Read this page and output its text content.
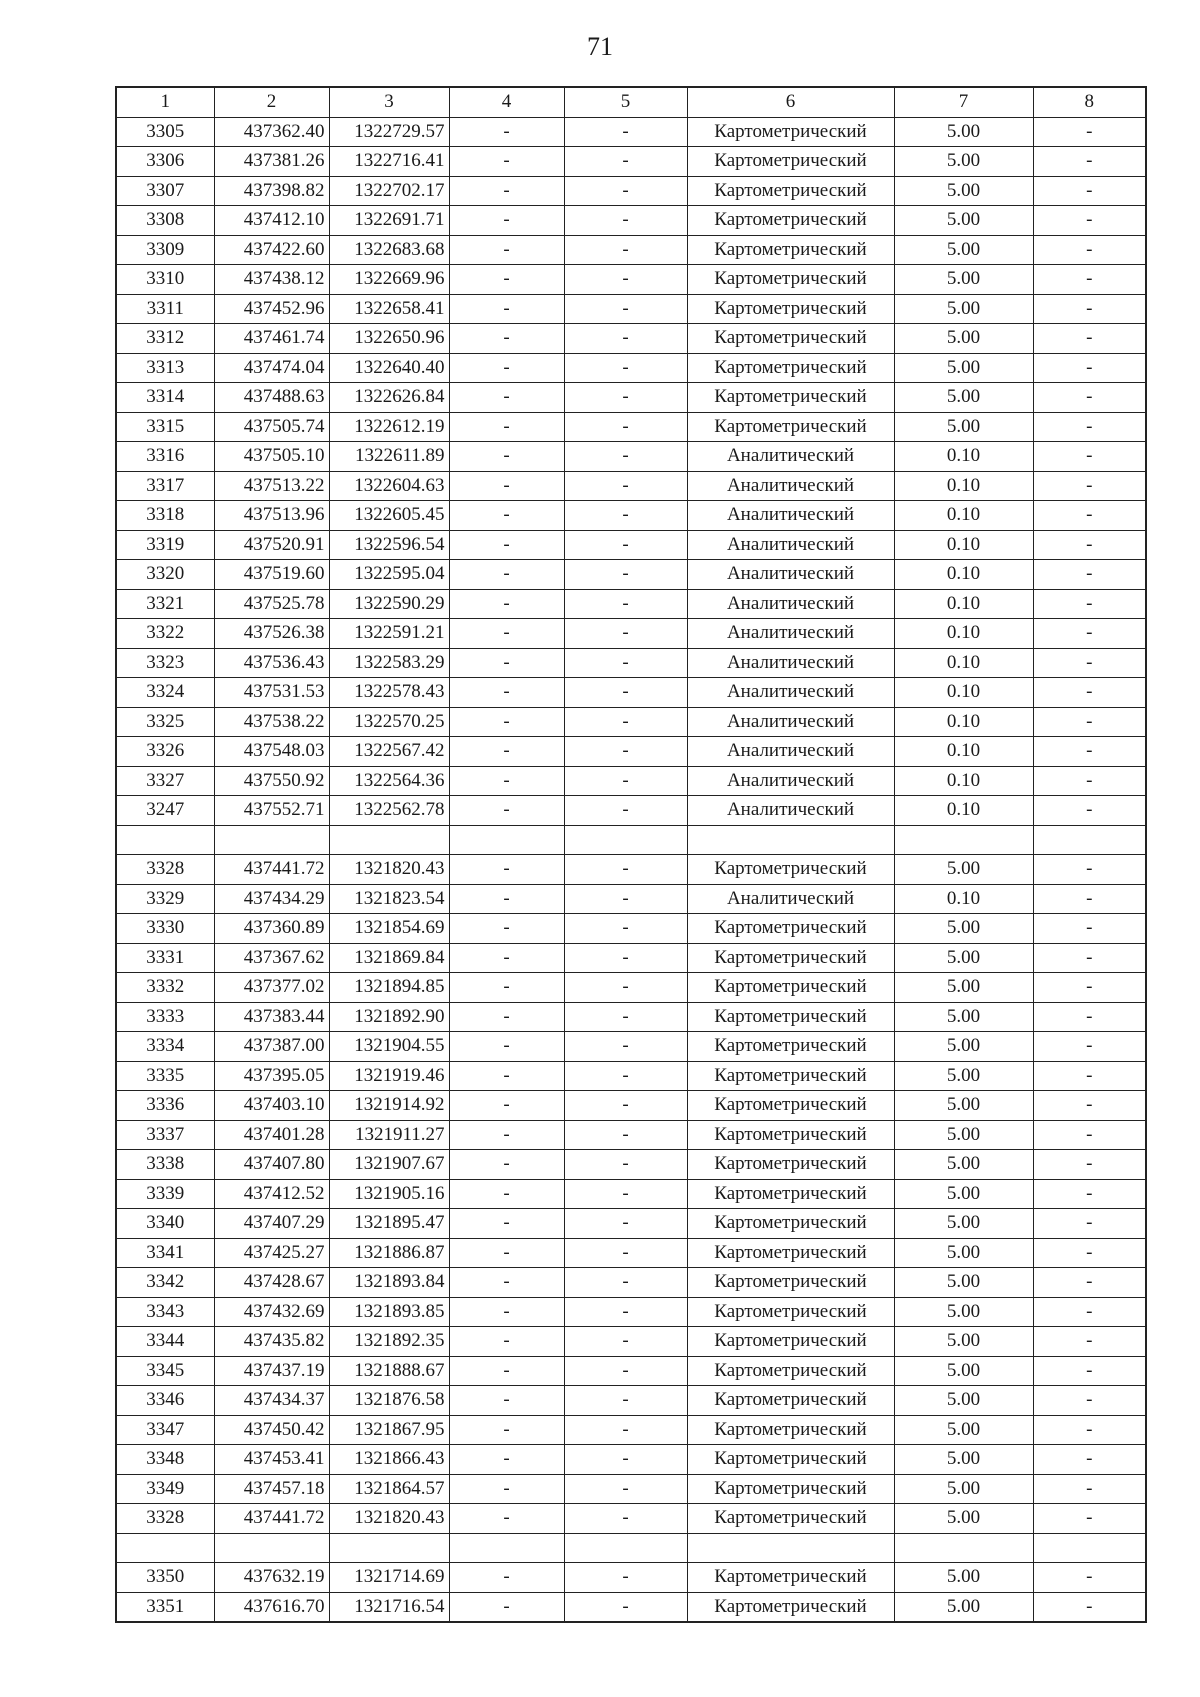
71
1	2	3	4	5	6	7	8
3305	437362.40	1322729.57	-	-	Картометрический	5.00	-
3306	437381.26	1322716.41	-	-	Картометрический	5.00	-
3307	437398.82	1322702.17	-	-	Картометрический	5.00	-
3308	437412.10	1322691.71	-	-	Картометрический	5.00	-
3309	437422.60	1322683.68	-	-	Картометрический	5.00	-
3310	437438.12	1322669.96	-	-	Картометрический	5.00	-
3311	437452.96	1322658.41	-	-	Картометрический	5.00	-
3312	437461.74	1322650.96	-	-	Картометрический	5.00	-
3313	437474.04	1322640.40	-	-	Картометрический	5.00	-
3314	437488.63	1322626.84	-	-	Картометрический	5.00	-
3315	437505.74	1322612.19	-	-	Картометрический	5.00	-
3316	437505.10	1322611.89	-	-	Аналитический	0.10	-
3317	437513.22	1322604.63	-	-	Аналитический	0.10	-
3318	437513.96	1322605.45	-	-	Аналитический	0.10	-
3319	437520.91	1322596.54	-	-	Аналитический	0.10	-
3320	437519.60	1322595.04	-	-	Аналитический	0.10	-
3321	437525.78	1322590.29	-	-	Аналитический	0.10	-
3322	437526.38	1322591.21	-	-	Аналитический	0.10	-
3323	437536.43	1322583.29	-	-	Аналитический	0.10	-
3324	437531.53	1322578.43	-	-	Аналитический	0.10	-
3325	437538.22	1322570.25	-	-	Аналитический	0.10	-
3326	437548.03	1322567.42	-	-	Аналитический	0.10	-
3327	437550.92	1322564.36	-	-	Аналитический	0.10	-
3247	437552.71	1322562.78	-	-	Аналитический	0.10	-

3328	437441.72	1321820.43	-	-	Картометрический	5.00	-
3329	437434.29	1321823.54	-	-	Аналитический	0.10	-
3330	437360.89	1321854.69	-	-	Картометрический	5.00	-
3331	437367.62	1321869.84	-	-	Картометрический	5.00	-
3332	437377.02	1321894.85	-	-	Картометрический	5.00	-
3333	437383.44	1321892.90	-	-	Картометрический	5.00	-
3334	437387.00	1321904.55	-	-	Картометрический	5.00	-
3335	437395.05	1321919.46	-	-	Картометрический	5.00	-
3336	437403.10	1321914.92	-	-	Картометрический	5.00	-
3337	437401.28	1321911.27	-	-	Картометрический	5.00	-
3338	437407.80	1321907.67	-	-	Картометрический	5.00	-
3339	437412.52	1321905.16	-	-	Картометрический	5.00	-
3340	437407.29	1321895.47	-	-	Картометрический	5.00	-
3341	437425.27	1321886.87	-	-	Картометрический	5.00	-
3342	437428.67	1321893.84	-	-	Картометрический	5.00	-
3343	437432.69	1321893.85	-	-	Картометрический	5.00	-
3344	437435.82	1321892.35	-	-	Картометрический	5.00	-
3345	437437.19	1321888.67	-	-	Картометрический	5.00	-
3346	437434.37	1321876.58	-	-	Картометрический	5.00	-
3347	437450.42	1321867.95	-	-	Картометрический	5.00	-
3348	437453.41	1321866.43	-	-	Картометрический	5.00	-
3349	437457.18	1321864.57	-	-	Картометрический	5.00	-
3328	437441.72	1321820.43	-	-	Картометрический	5.00	-

3350	437632.19	1321714.69	-	-	Картометрический	5.00	-
3351	437616.70	1321716.54	-	-	Картометрический	5.00	-
